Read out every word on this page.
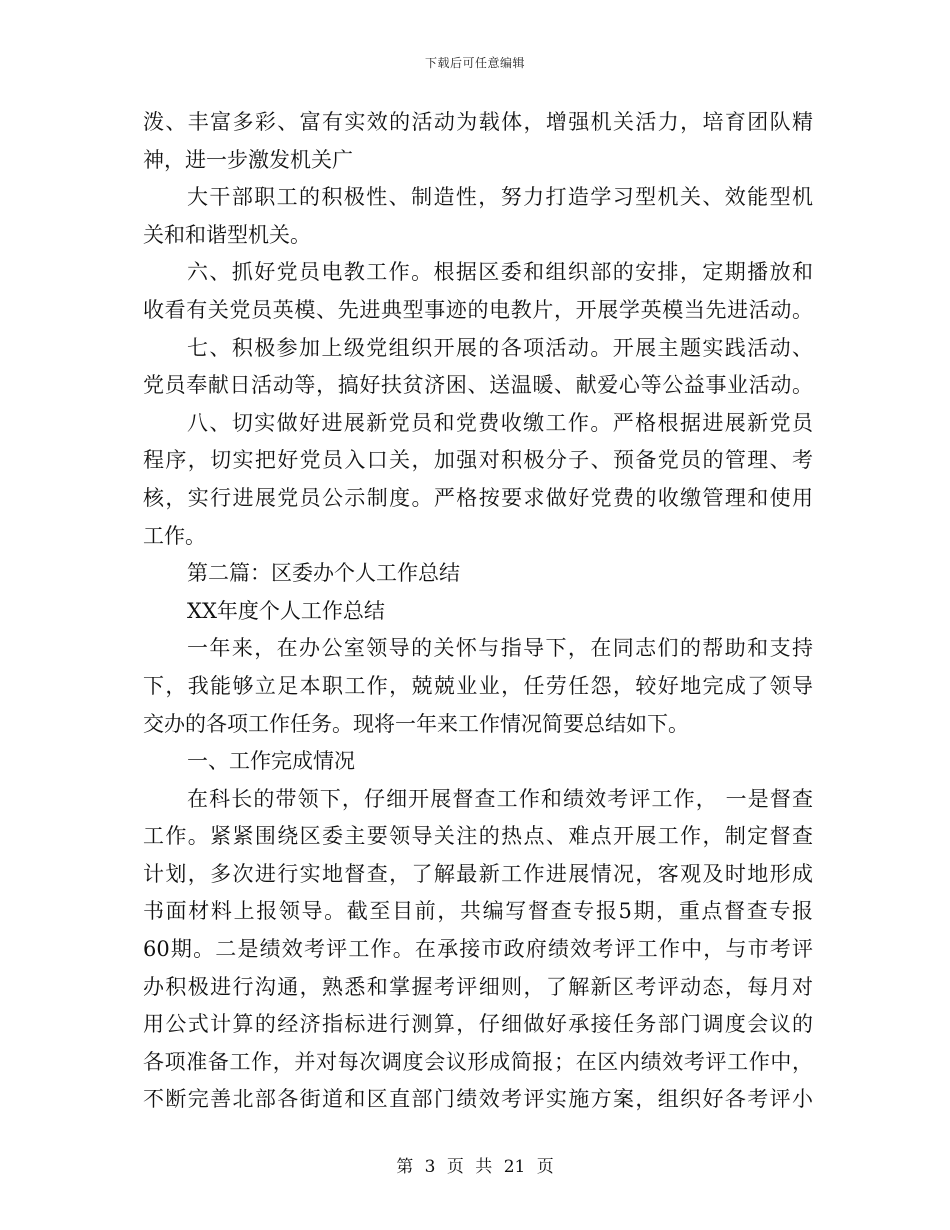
下载后可任意编辑
泼、丰富多彩、富有实效的活动为载体，增强机关活力，培育团队精
神，进一步激发机关广
大干部职工的积极性、制造性，努力打造学习型机关、效能型机
关和和谐型机关。
六、抓好党员电教工作。根据区委和组织部的安排，定期播放和
收看有关党员英模、先进典型事迹的电教片，开展学英模当先进活动。
七、积极参加上级党组织开展的各项活动。开展主题实践活动、
党员奉献日活动等，搞好扶贫济困、送温暖、献爱心等公益事业活动。
八、切实做好进展新党员和党费收缴工作。严格根据进展新党员
程序，切实把好党员入口关，加强对积极分子、预备党员的管理、考
核，实行进展党员公示制度。严格按要求做好党费的收缴管理和使用
工作。
第二篇：区委办个人工作总结
XX年度个人工作总结
一年来，在办公室领导的关怀与指导下，在同志们的帮助和支持
下，我能够立足本职工作，兢兢业业，任劳任怨，较好地完成了领导
交办的各项工作任务。现将一年来工作情况简要总结如下。
一、工作完成情况
在科长的带领下，仔细开展督查工作和绩效考评工作， 一是督查
工作。紧紧围绕区委主要领导关注的热点、难点开展工作，制定督查
计划，多次进行实地督查，了解最新工作进展情况，客观及时地形成
书面材料上报领导。截至目前，共编写督查专报5期，重点督查专报
60期。二是绩效考评工作。在承接市政府绩效考评工作中，与市考评
办积极进行沟通，熟悉和掌握考评细则，了解新区考评动态，每月对
用公式计算的经济指标进行测算，仔细做好承接任务部门调度会议的
各项准备工作，并对每次调度会议形成简报；在区内绩效考评工作中，
不断完善北部各街道和区直部门绩效考评实施方案，组织好各考评小
第 3 页 共 21 页
